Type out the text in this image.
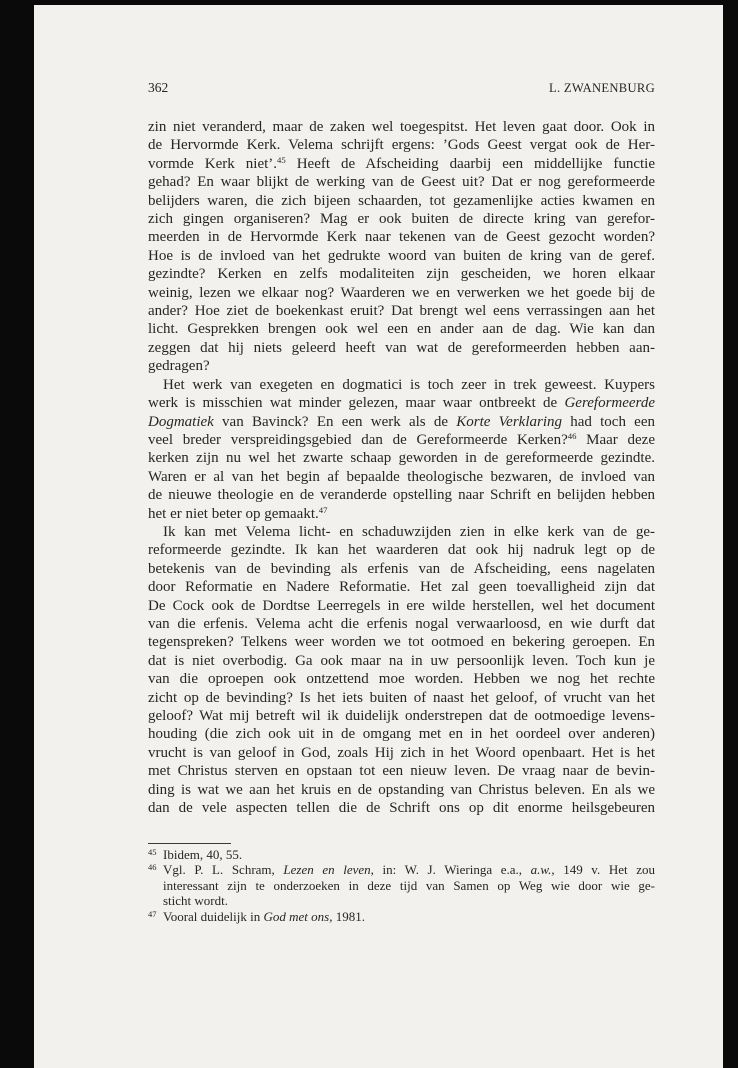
362	L. ZWANENBURG
zin niet veranderd, maar de zaken wel toegespitst. Het leven gaat door. Ook in
de Hervormde Kerk. Velema schrijft ergens: ’Gods Geest vergat ook de Her-
vormde Kerk niet’.$^{45}$ Heeft de Afscheiding daarbij een middellijke functie
gehad? En waar blijkt de werking van de Geest uit? Dat er nog gereformeerde
belijders waren, die zich bijeen schaarden, tot gezamenlijke acties kwamen en
zich gingen organiseren? Mag er ook buiten de directe kring van gerefor-
meerden in de Hervormde Kerk naar tekenen van de Geest gezocht worden?
Hoe is de invloed van het gedrukte woord van buiten de kring van de geref.
gezindte? Kerken en zelfs modaliteiten zijn gescheiden, we horen elkaar
weinig, lezen we elkaar nog? Waarderen we en verwerken we het goede bij de
ander? Hoe ziet de boekenkast eruit? Dat brengt wel eens verrassingen aan het
licht. Gesprekken brengen ook wel een en ander aan de dag. Wie kan dan
zeggen dat hij niets geleerd heeft van wat de gereformeerden hebben aan-
gedragen?
Het werk van exegeten en dogmatici is toch zeer in trek geweest. Kuypers
werk is misschien wat minder gelezen, maar waar ontbreekt de Gereformeerde
Dogmatiek van Bavinck? En een werk als de Korte Verklaring had toch een
veel breder verspreidingsgebied dan de Gereformeerde Kerken?$^{46}$ Maar deze
kerken zijn nu wel het zwarte schaap geworden in de gereformeerde gezindte.
Waren er al van het begin af bepaalde theologische bezwaren, de invloed van
de nieuwe theologie en de veranderde opstelling naar Schrift en belijden hebben
het er niet beter op gemaakt.$^{47}$
Ik kan met Velema licht- en schaduwzijden zien in elke kerk van de ge-
reformeerde gezindte. Ik kan het waarderen dat ook hij nadruk legt op de
betekenis van de bevinding als erfenis van de Afscheiding, eens nagelaten
door Reformatie en Nadere Reformatie. Het zal geen toevalligheid zijn dat
De Cock ook de Dordtse Leerregels in ere wilde herstellen, wel het document
van die erfenis. Velema acht die erfenis nogal verwaarloosd, en wie durft dat
tegenspreken? Telkens weer worden we tot ootmoed en bekering geroepen. En
dat is niet overbodig. Ga ook maar na in uw persoonlijk leven. Toch kun je
van die oproepen ook ontzettend moe worden. Hebben we nog het rechte
zicht op de bevinding? Is het iets buiten of naast het geloof, of vrucht van het
geloof? Wat mij betreft wil ik duidelijk onderstrepen dat de ootmoedige levens-
houding (die zich ook uit in de omgang met en in het oordeel over anderen)
vrucht is van geloof in God, zoals Hij zich in het Woord openbaart. Het is het
met Christus sterven en opstaan tot een nieuw leven. De vraag naar de bevin-
ding is wat we aan het kruis en de opstanding van Christus beleven. En als we
dan de vele aspecten tellen die de Schrift ons op dit enorme heilsgebeuren
45 Ibidem, 40, 55.
46 Vgl. P. L. Schram, Lezen en leven, in: W. J. Wieringa e.a., a.w., 149 v. Het zou
interessant zijn te onderzoeken in deze tijd van Samen op Weg wie door wie ge-
sticht wordt.
47 Vooral duidelijk in God met ons, 1981.
